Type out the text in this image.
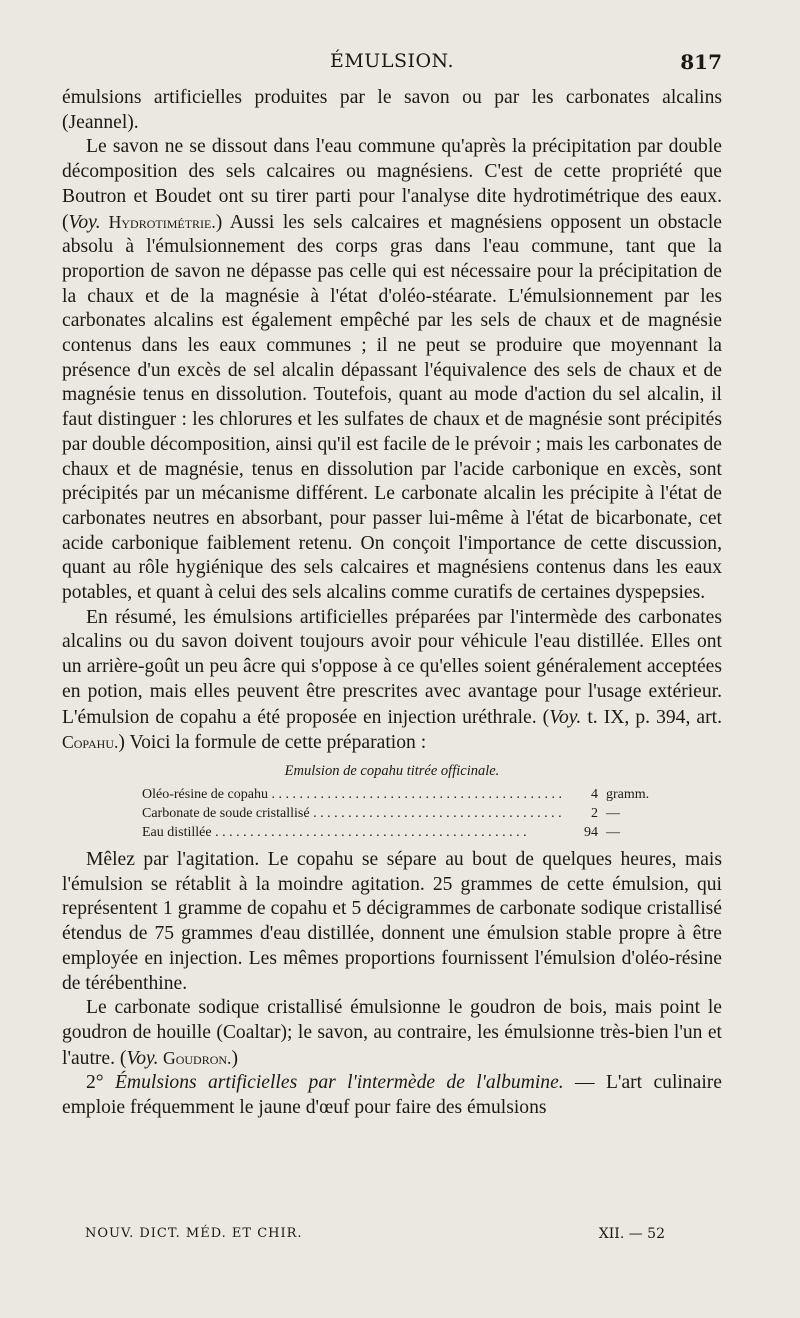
ÉMULSION.	817

émulsions artificielles produites par le savon ou par les carbonates alcalins (Jeannel).

Le savon ne se dissout dans l'eau commune qu'après la précipitation par double décomposition des sels calcaires ou magnésiens. C'est de cette propriété que Boutron et Boudet ont su tirer parti pour l'analyse dite hydrotimétrique des eaux. (Voy. Hydrotimétrie.) Aussi les sels calcaires et magnésiens opposent un obstacle absolu à l'émulsionnement des corps gras dans l'eau commune, tant que la proportion de savon ne dépasse pas celle qui est nécessaire pour la précipitation de la chaux et de la magnésie à l'état d'oléo-stéarate. L'émulsionnement par les carbonates alcalins est également empêché par les sels de chaux et de magnésie contenus dans les eaux communes ; il ne peut se produire que moyennant la présence d'un excès de sel alcalin dépassant l'équivalence des sels de chaux et de magnésie tenus en dissolution. Toutefois, quant au mode d'action du sel alcalin, il faut distinguer : les chlorures et les sulfates de chaux et de magnésie sont précipités par double décomposition, ainsi qu'il est facile de le prévoir ; mais les carbonates de chaux et de magnésie, tenus en dissolution par l'acide carbonique en excès, sont précipités par un mécanisme différent. Le carbonate alcalin les précipite à l'état de carbonates neutres en absorbant, pour passer lui-même à l'état de bicarbonate, cet acide carbonique faiblement retenu. On conçoit l'importance de cette discussion, quant au rôle hygiénique des sels calcaires et magnésiens contenus dans les eaux potables, et quant à celui des sels alcalins comme curatifs de certaines dyspepsies.

En résumé, les émulsions artificielles préparées par l'intermède des carbonates alcalins ou du savon doivent toujours avoir pour véhicule l'eau distillée. Elles ont un arrière-goût un peu âcre qui s'oppose à ce qu'elles soient généralement acceptées en potion, mais elles peuvent être prescrites avec avantage pour l'usage extérieur. L'émulsion de copahu a été proposée en injection uréthrale. (Voy. t. IX, p. 394, art. Copahu.) Voici la formule de cette préparation :

Emulsion de copahu titrée officinale.
Oléo-résine de copahu . . .	4 gramm.
Carbonate de soude cristallisé . . .	2 —
Eau distillée . . .	94 —

Mêlez par l'agitation. Le copahu se sépare au bout de quelques heures, mais l'émulsion se rétablit à la moindre agitation. 25 grammes de cette émulsion, qui représentent 1 gramme de copahu et 5 décigrammes de carbonate sodique cristallisé étendus de 75 grammes d'eau distillée, donnent une émulsion stable propre à être employée en injection. Les mêmes proportions fournissent l'émulsion d'oléo-résine de térébenthine.

Le carbonate sodique cristallisé émulsionne le goudron de bois, mais point le goudron de houille (Coaltar); le savon, au contraire, les émulsionne très-bien l'un et l'autre. (Voy. Goudron.)

2° Émulsions artificielles par l'intermède de l'albumine. — L'art culinaire emploie fréquemment le jaune d'œuf pour faire des émulsions

NOUV. DICT. MÉD. ET CHIR.	XII. — 52
